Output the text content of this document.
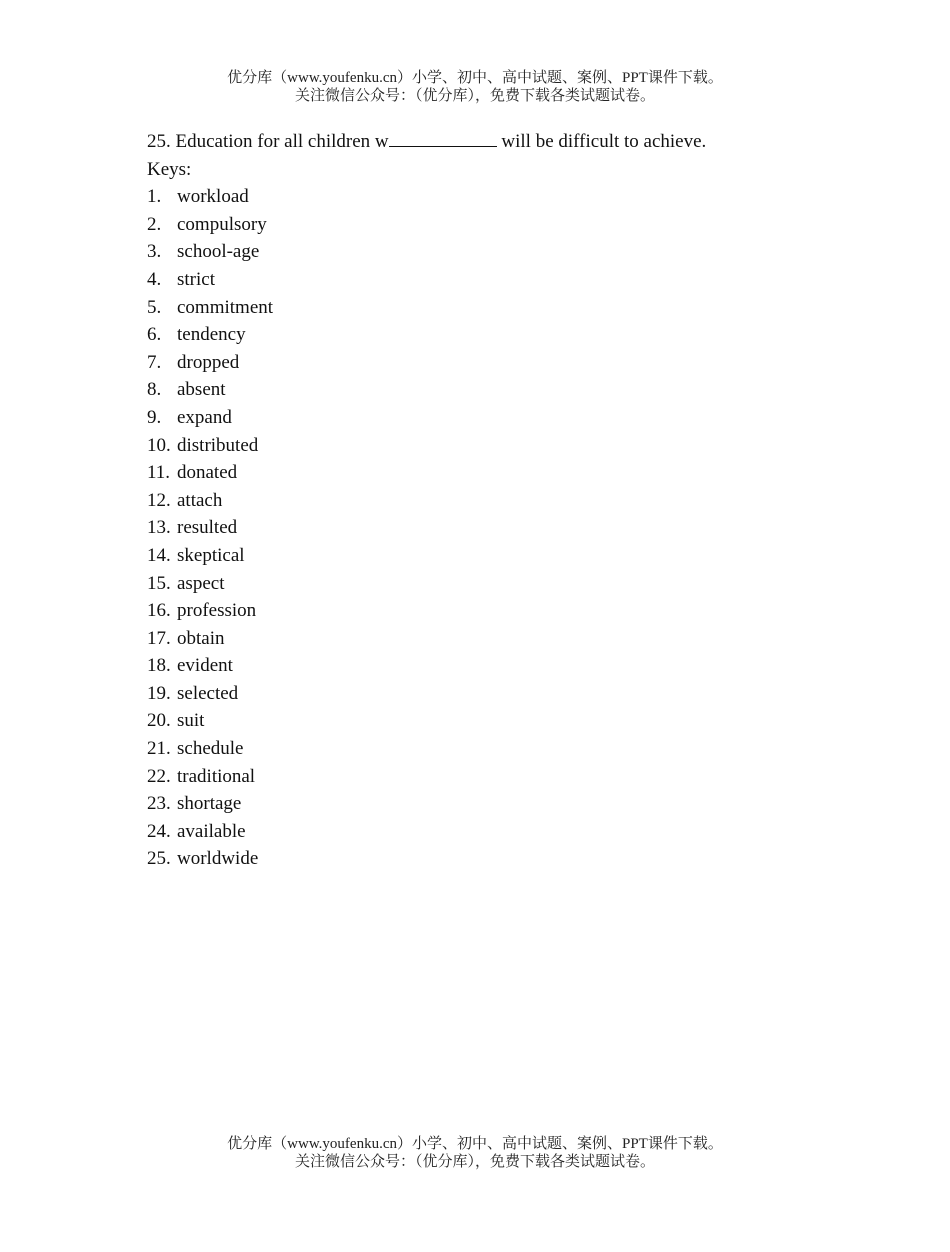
优分库（www.youfenku.cn）小学、初中、高中试题、案例、PPT课件下载。
关注微信公众号：（优分库），免费下载各类试题试卷。
25. Education for all children w	will be difficult to achieve.
Keys:
1. workload
2. compulsory
3. school-age
4. strict
5. commitment
6. tendency
7. dropped
8. absent
9. expand
10. distributed
11. donated
12. attach
13. resulted
14. skeptical
15. aspect
16. profession
17. obtain
18. evident
19. selected
20. suit
21. schedule
22. traditional
23. shortage
24. available
25. worldwide
优分库（www.youfenku.cn）小学、初中、高中试题、案例、PPT课件下载。
关注微信公众号：（优分库），免费下载各类试题试卷。
